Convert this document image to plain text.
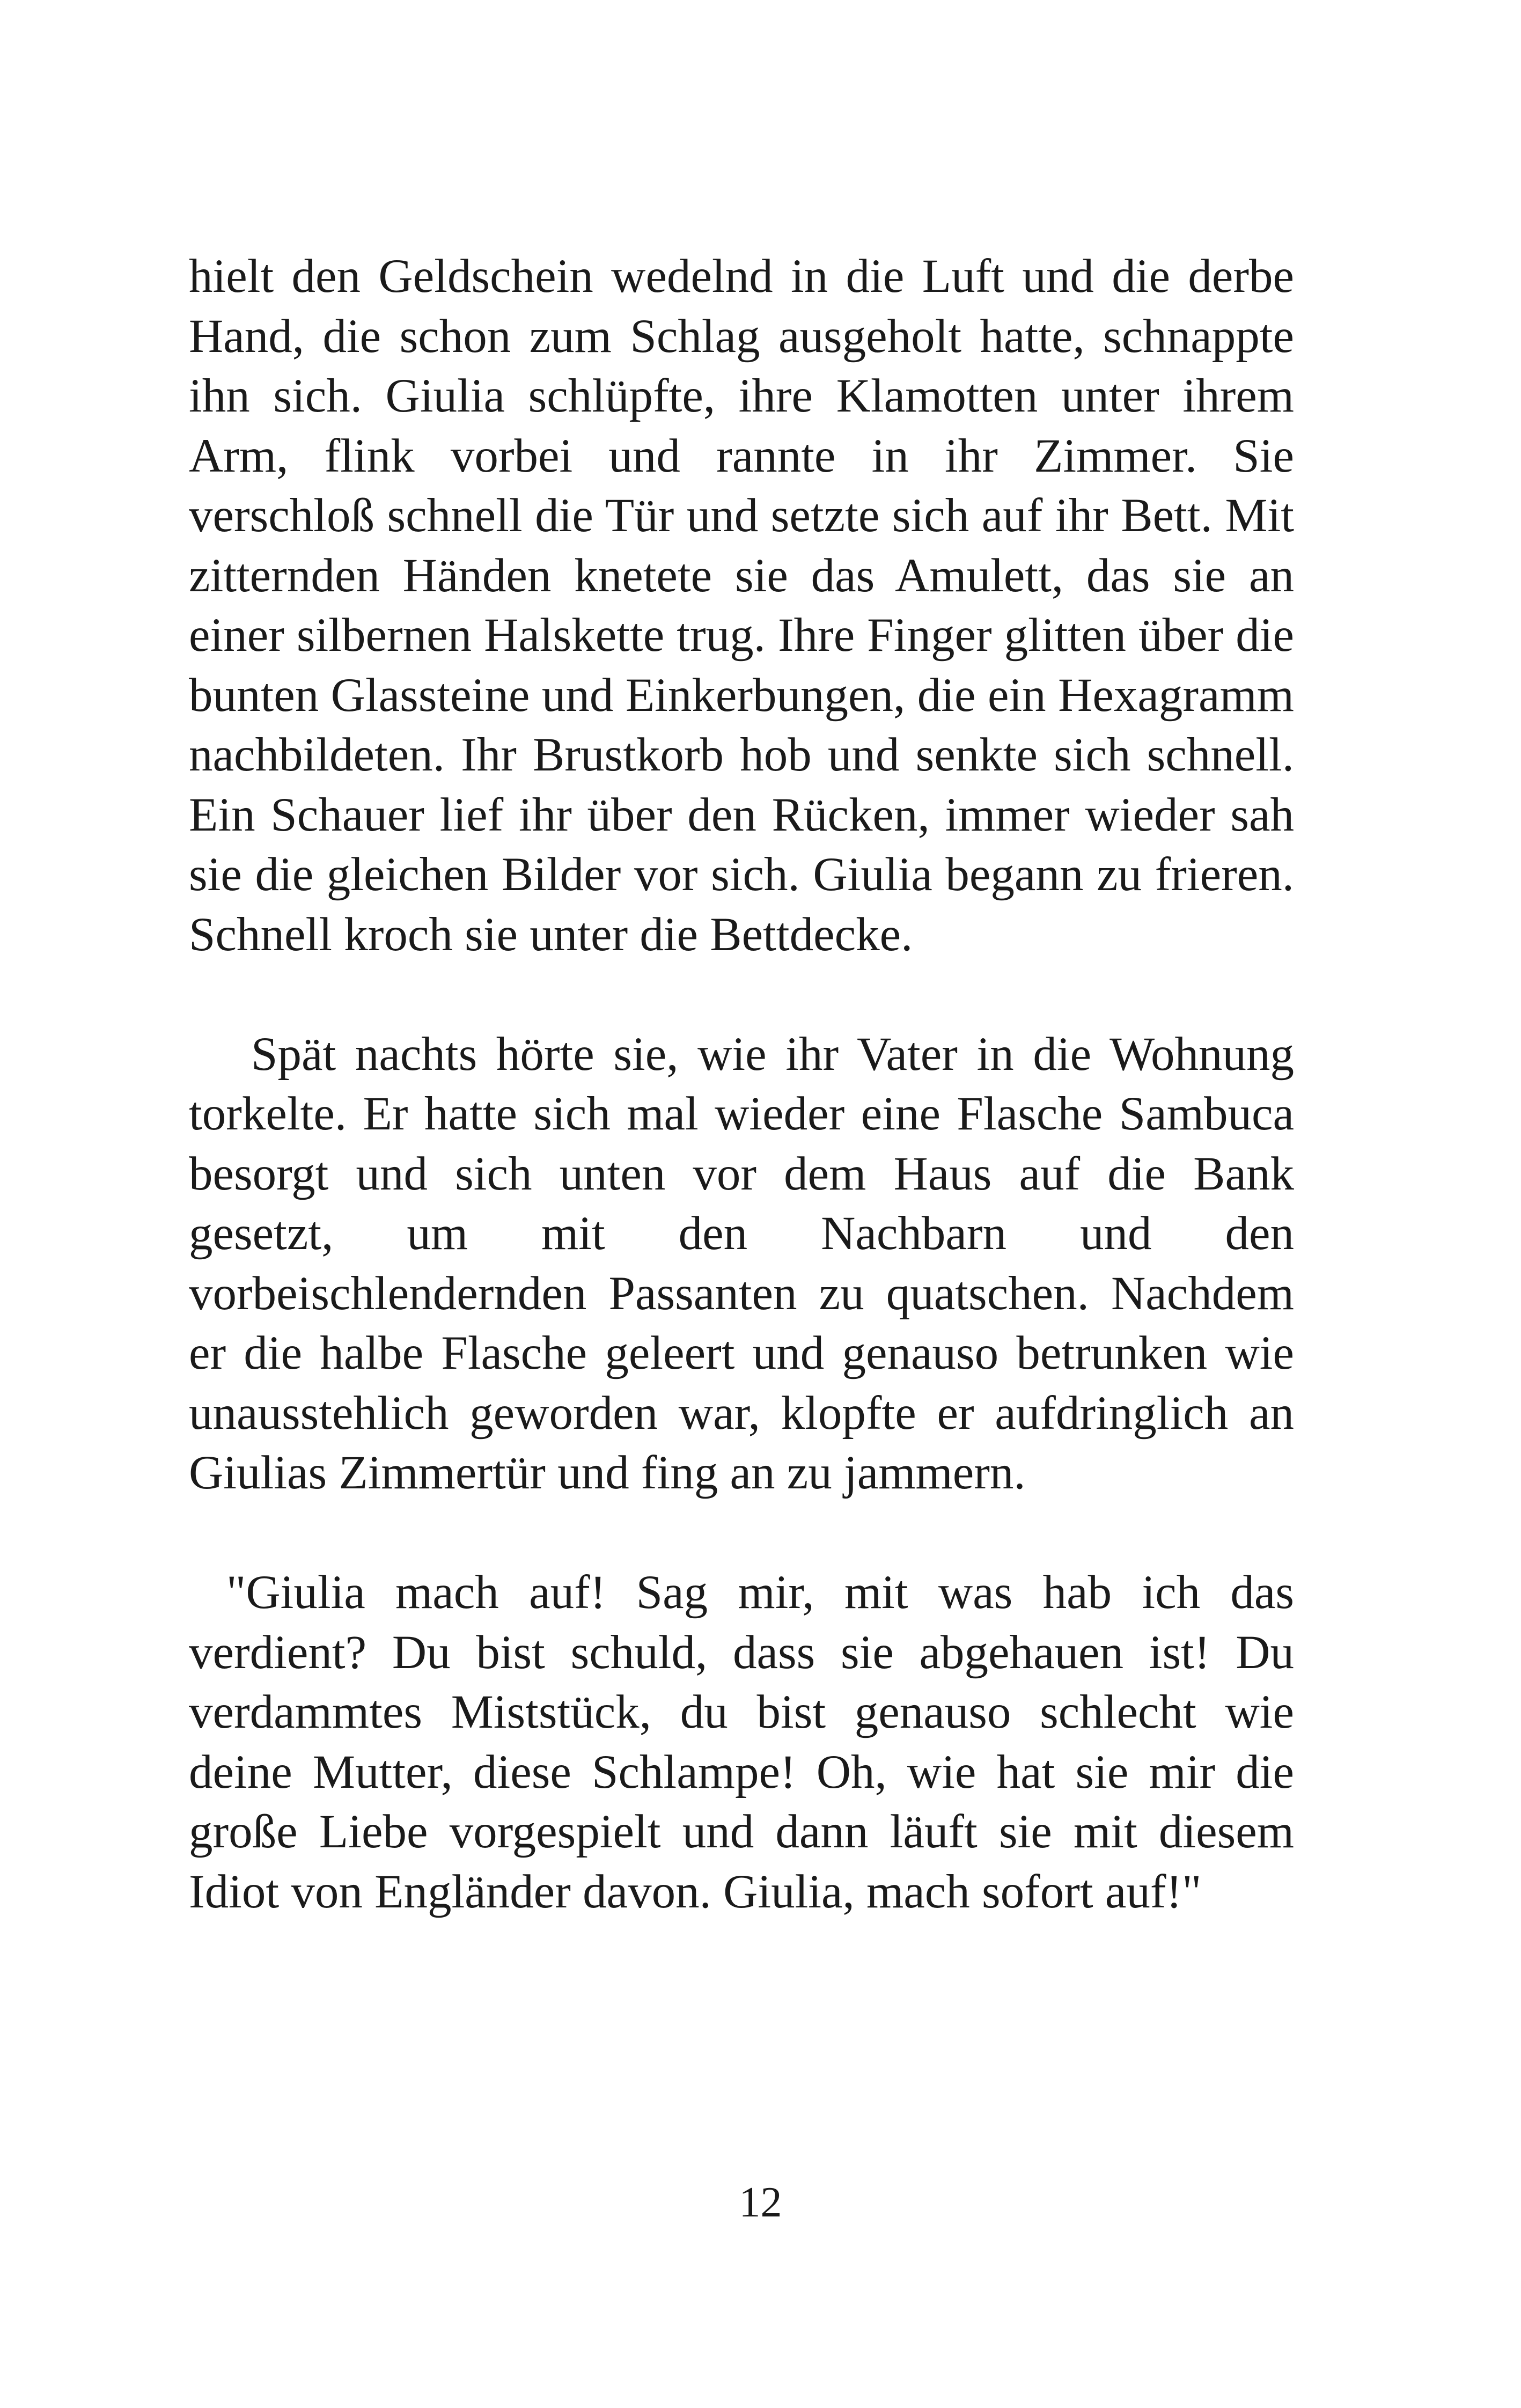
hielt den Geldschein wedelnd in die Luft und die derbe Hand, die schon zum Schlag ausgeholt hatte, schnappte ihn sich. Giulia schlüpfte, ihre Klamotten unter ihrem Arm, flink vorbei und rannte in ihr Zimmer. Sie verschloß schnell die Tür und setzte sich auf ihr Bett. Mit zitternden Händen knetete sie das Amulett, das sie an einer silbernen Halskette trug. Ihre Finger glitten über die bunten Glassteine und Einkerbungen, die ein Hexagramm nachbildeten. Ihr Brustkorb hob und senkte sich schnell. Ein Schauer lief ihr über den Rücken, immer wieder sah sie die gleichen Bilder vor sich. Giulia begann zu frieren. Schnell kroch sie unter die Bettdecke.

Spät nachts hörte sie, wie ihr Vater in die Wohnung torkelte. Er hatte sich mal wieder eine Flasche Sambuca besorgt und sich unten vor dem Haus auf die Bank gesetzt, um mit den Nachbarn und den vorbeischlendernden Passanten zu quatschen. Nachdem er die halbe Flasche geleert und genauso betrunken wie unausstehlich geworden war, klopfte er aufdringlich an Giulias Zimmertür und fing an zu jammern.

"Giulia mach auf! Sag mir, mit was hab ich das verdient? Du bist schuld, dass sie abgehauen ist! Du verdammtes Miststück, du bist genauso schlecht wie deine Mutter, diese Schlampe! Oh, wie hat sie mir die große Liebe vorgespielt und dann läuft sie mit diesem Idiot von Engländer davon. Giulia, mach sofort auf!"

12
